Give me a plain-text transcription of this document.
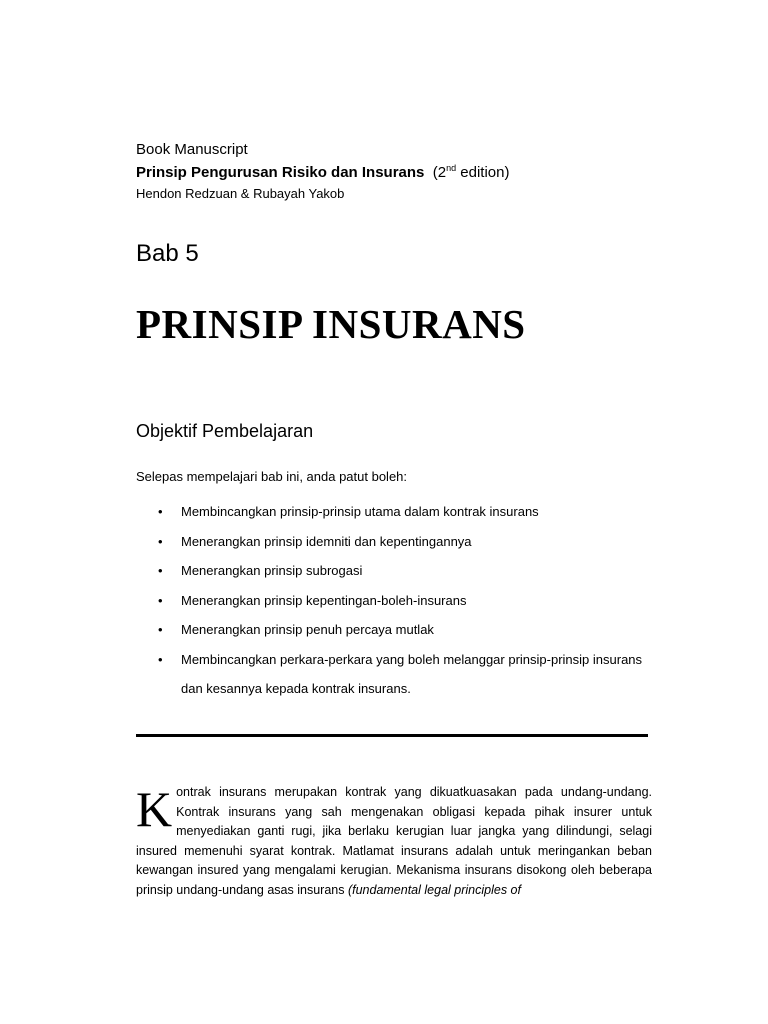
Book Manuscript
Prinsip Pengurusan Risiko dan Insurans (2nd edition)
Hendon Redzuan & Rubayah Yakob
Bab 5
PRINSIP INSURANS
Objektif Pembelajaran
Selepas mempelajari bab ini, anda patut boleh:
• Membincangkan prinsip-prinsip utama dalam kontrak insurans
• Menerangkan prinsip idemniti dan kepentingannya
• Menerangkan prinsip subrogasi
• Menerangkan prinsip kepentingan-boleh-insurans
• Menerangkan prinsip penuh percaya mutlak
• Membincangkan perkara-perkara yang boleh melanggar prinsip-prinsip insurans dan kesannya kepada kontrak insurans.

Kontrak insurans merupakan kontrak yang dikuatkuasakan pada undang-undang. Kontrak insurans yang sah mengenakan obligasi kepada pihak insurer untuk menyediakan ganti rugi, jika berlaku kerugian luar jangka yang dilindungi, selagi insured memenuhi syarat kontrak. Matlamat insurans adalah untuk meringankan beban kewangan insured yang mengalami kerugian. Mekanisma insurans disokong oleh beberapa prinsip undang-undang asas insurans (fundamental legal principles of
